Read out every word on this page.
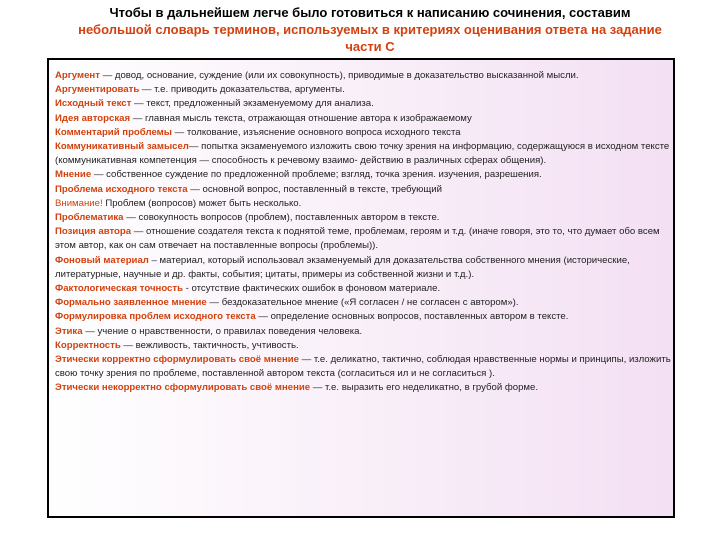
Чтобы в дальнейшем легче было готовиться к написанию сочинения, составим
небольшой словарь терминов, используемых в критериях оценивания ответа на задание части С
Аргумент — довод, основание, суждение (или их совокупность), приводимые в доказательство высказанной мысли.
Аргументировать — т.е. приводить доказательства, аргументы.
Исходный текст — текст, предложенный экзаменуемому для анализа.
Идея авторская — главная мысль текста, отражающая отношение автора к изображаемому
Комментарий проблемы — толкование, изъяснение основного вопроса исходного текста
Коммуникативный замысел— попытка экзаменуемого изложить свою точку зрения на информацию, содержащуюся в исходном тексте (коммуникативная компетенция — способность к речевому взаимо- действию в различных сферах общения).
Мнение — собственное суждение по предложенной проблеме; взгляд, точка зрения. изучения, разрешения.
Проблема исходного текста — основной вопрос, поставленный в тексте, требующий
Внимание! Проблем (вопросов) может быть несколько.
Проблематика — совокупность вопросов (проблем), поставленных автором в тексте.
Позиция автора — отношение создателя текста к поднятой теме, проблемам, героям и т.д. (иначе говоря, это то, что думает обо всем этом автор, как он сам отвечает на поставленные вопросы (проблемы)).
Фоновый материал – материал, который использовал экзаменуемый для доказательства собственного мнения (исторические, литературные, научные и др. факты, события; цитаты, примеры из собственной жизни и т.д.).
Фактологическая точность - отсутствие фактических ошибок в фоновом материале.
Формально заявленное мнение — бездоказательное мнение («Я согласен / не согласен с автором»).
Формулировка проблем исходного текста — определение основных вопросов, поставленных автором в тексте.
Этика — учение о нравственности, о правилах поведения человека.
Корректность — вежливость, тактичность, учтивость.
Этически корректно сформулировать своё мнение — т.е. деликатно, тактично, соблюдая нравственные нормы и принципы, изложить свою точку зрения по проблеме, поставленной автором текста (согласиться ил и не согласиться ).
Этически некорректно сформулировать своё мнение — т.е. выразить его неделикатно, в грубой форме.
